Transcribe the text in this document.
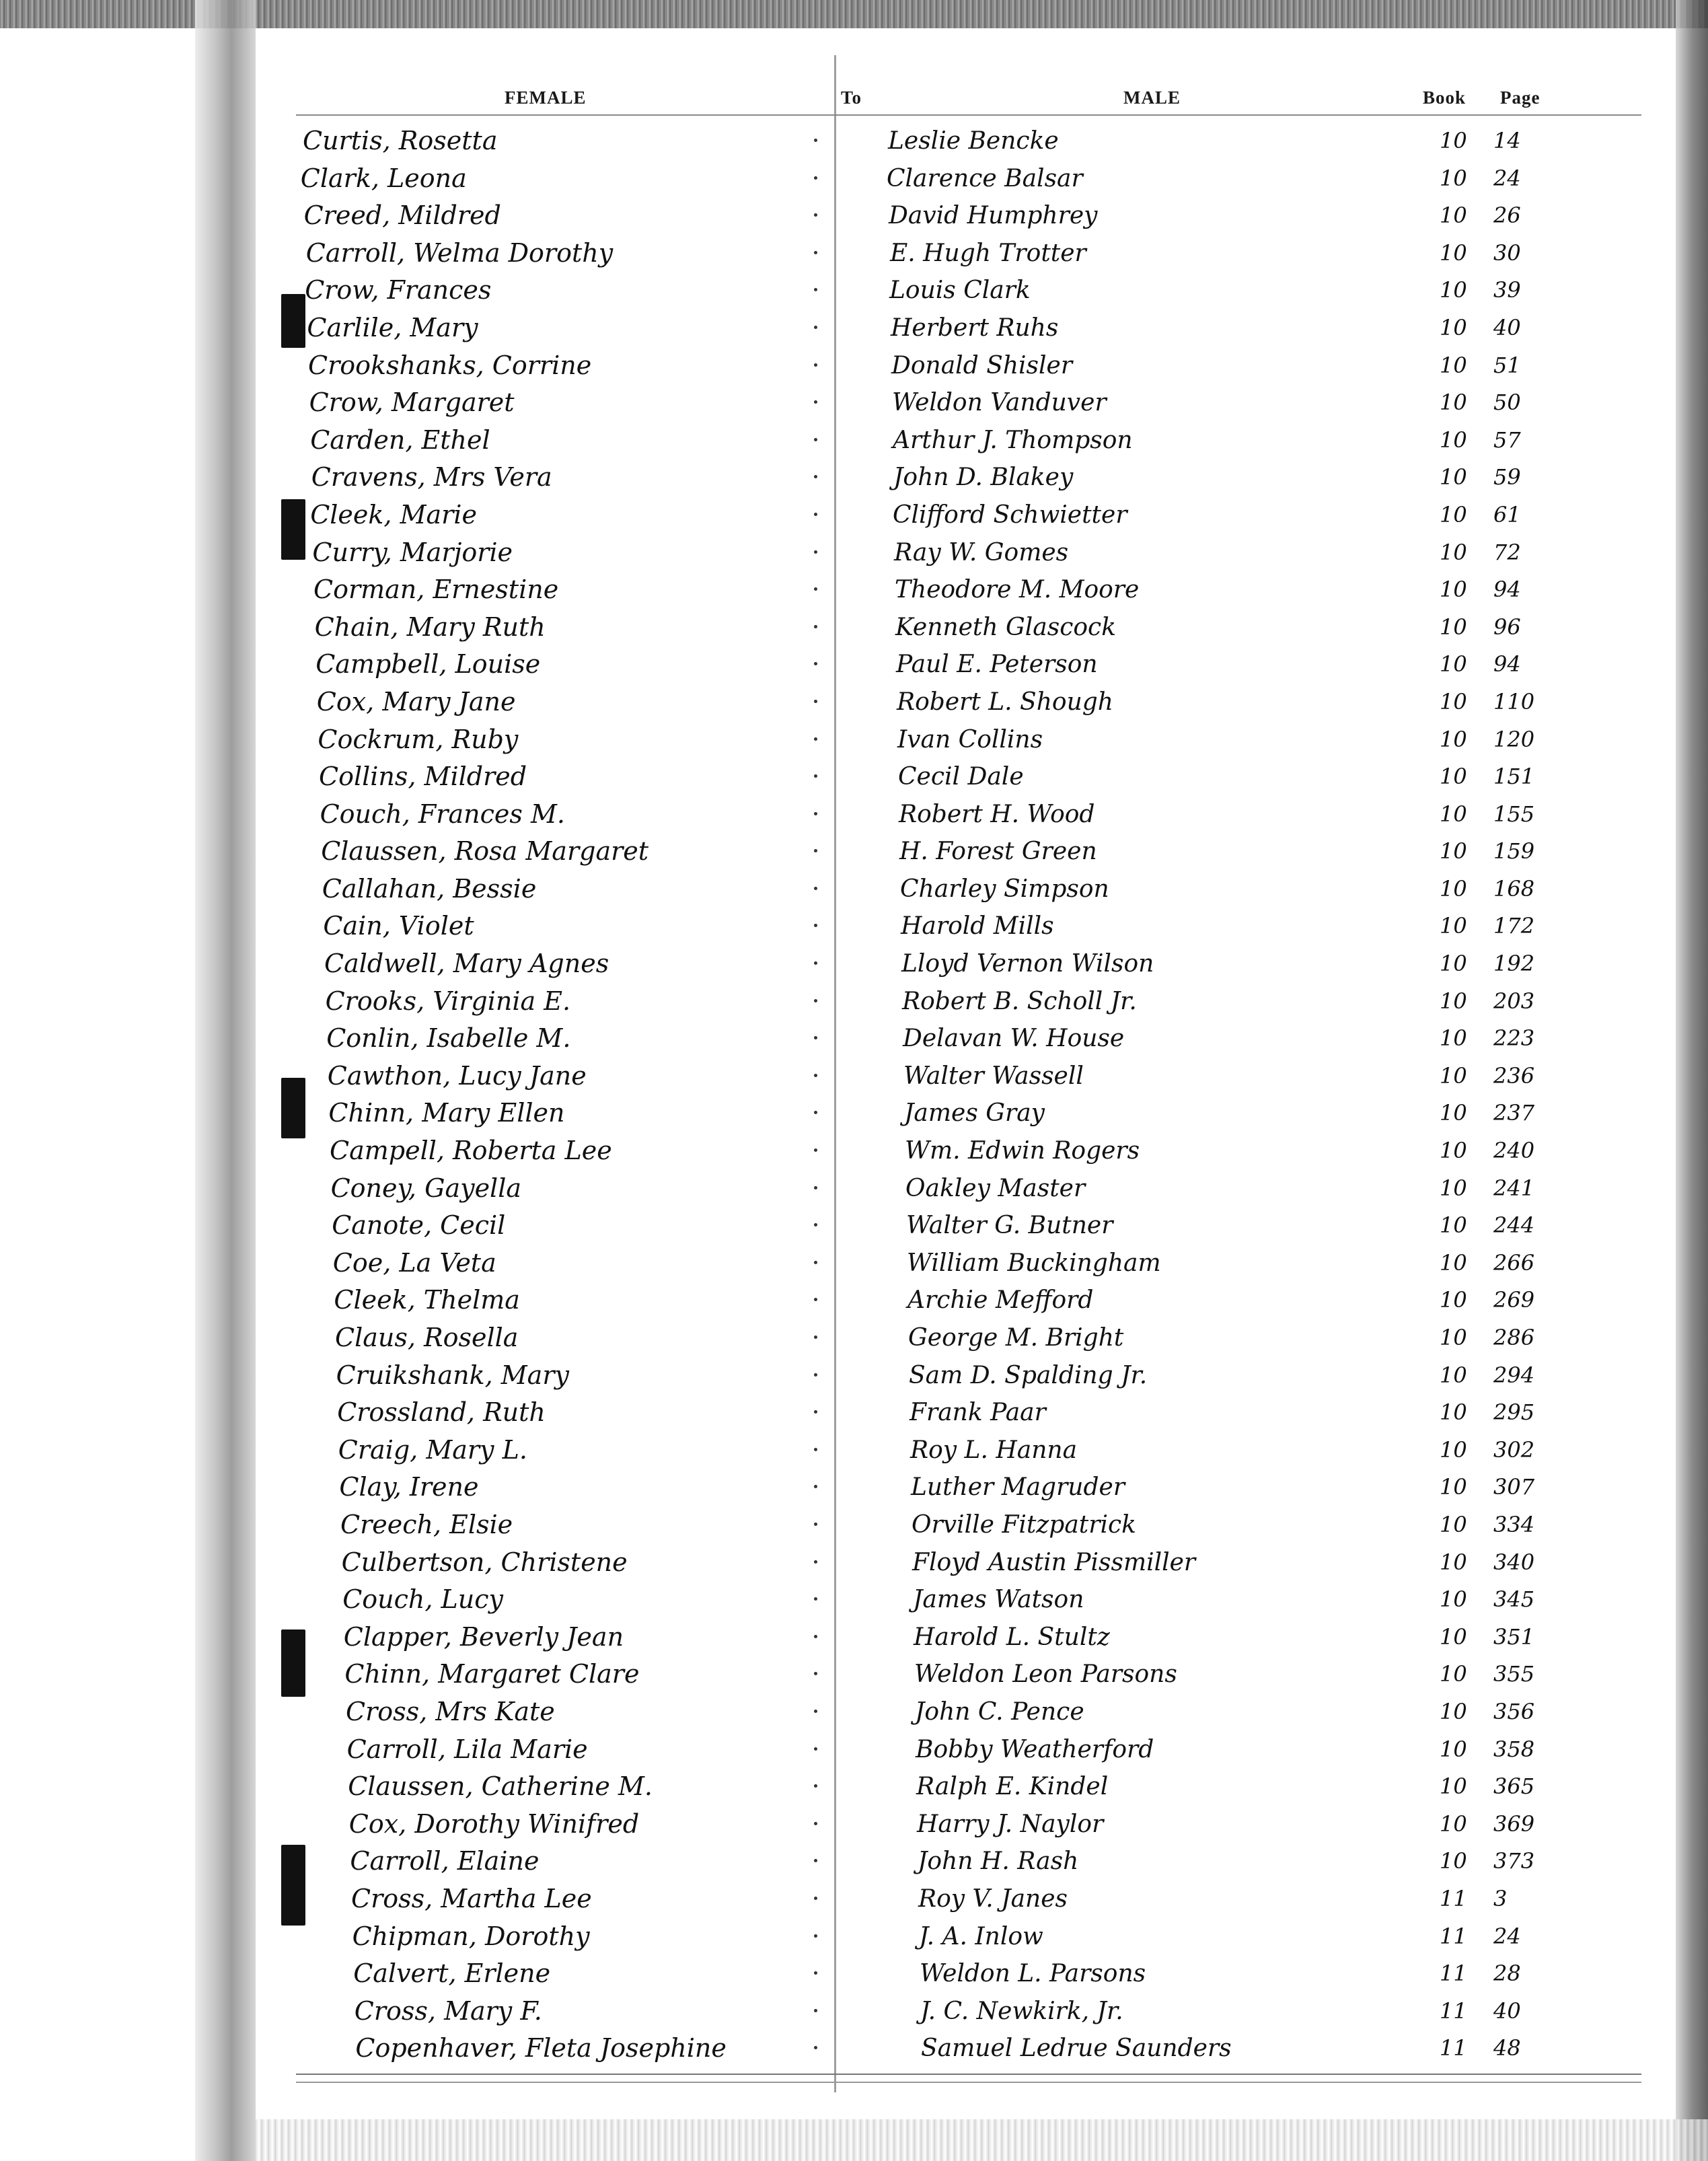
FEMALE	To	MALE	Book Page
Curtis, Rosetta	Leslie Bencke	10	14
Clark, Leona	Clarence Balsar	10	24
Creed, Mildred	David Humphrey	10	26
Carroll, Welma Dorothy	E. Hugh Trotter	10	30
Crow, Frances	Louis Clark	10	39
Carlile, Mary	Herbert Ruhs	10	40
Crookshanks, Corrine	Donald Shisler	10	51
Crow, Margaret	Weldon Vanduver	10	50
Carden, Ethel	Arthur J. Thompson	10	57
Cravens, Mrs Vera	John D. Blakey	10	59
Cleek, Marie	Clifford Schwietter	10	61
Curry, Marjorie	Ray W. Gomes	10	72
Corman, Ernestine	Theodore M. Moore	10	94
Chain, Mary Ruth	Kenneth Glascock	10	96
Campbell, Louise	Paul E. Peterson	10	94
Cox, Mary Jane	Robert L. Shough	10	110
Cockrum, Ruby	Ivan Collins	10	120
Collins, Mildred	Cecil Dale	10	151
Couch, Frances M.	Robert H. Wood	10	155
Claussen, Rosa Margaret	H. Forest Green	10	159
Callahan, Bessie	Charley Simpson	10	168
Cain, Violet	Harold Mills	10	172
Caldwell, Mary Agnes	Lloyd Vernon Wilson	10	192
Crooks, Virginia E.	Robert B. Scholl Jr.	10	203
Conlin, Isabelle M.	Delavan W. House	10	223
Cawthon, Lucy Jane	Walter Wassell	10	236
Chinn, Mary Ellen	James Gray	10	237
Campell, Roberta Lee	Wm. Edwin Rogers	10	240
Coney, Gayella	Oakley Master	10	241
Canote, Cecil	Walter G. Butner	10	244
Coe, La Veta	William Buckingham	10	266
Cleek, Thelma	Archie Mefford	10	269
Claus, Rosella	George M. Bright	10	286
Cruikshank, Mary	Sam D. Spalding Jr.	10	294
Crossland, Ruth	Frank Paar	10	295
Craig, Mary L.	Roy L. Hanna	10	302
Clay, Irene	Luther Magruder	10	307
Creech, Elsie	Orville Fitzpatrick	10	334
Culbertson, Christene	Floyd Austin Pissmiller	10	340
Couch, Lucy	James Watson	10	345
Clapper, Beverly Jean	Harold L. Stultz	10	351
Chinn, Margaret Clare	Weldon Leon Parsons	10	355
Cross, Mrs Kate	John C. Pence	10	356
Carroll, Lila Marie	Bobby Weatherford	10	358
Claussen, Catherine M.	Ralph E. Kindel	10	365
Cox, Dorothy Winifred	Harry J. Naylor	10	369
Carroll, Elaine	John H. Rash	10	373
Cross, Martha Lee	Roy V. Janes	11	3
Chipman, Dorothy	J. A. Inlow	11	24
Calvert, Erlene	Weldon L. Parsons	11	28
Cross, Mary F.	J. C. Newkirk, Jr.	11	40
Copenhaver, Fleta Josephine	Samuel Ledrue Saunders	11	48
